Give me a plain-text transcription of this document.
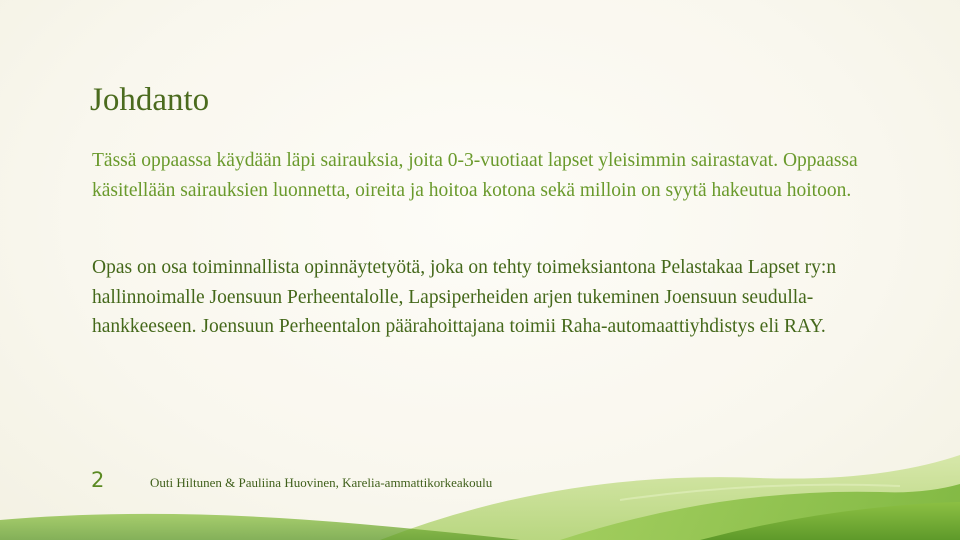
Johdanto

Tässä oppaassa käydään läpi sairauksia, joita 0-3-vuotiaat lapset yleisimmin sairastavat. Oppaassa käsitellään sairauksien luonnetta, oireita ja hoitoa kotona sekä milloin on syytä hakeutua hoitoon.

Opas on osa toiminnallista opinnäytetyötä, joka on tehty toimeksiantona Pelastakaa Lapset ry:n hallinnoimalle Joensuun Perheentalolle, Lapsiperheiden arjen tukeminen Joensuun seudulla- hankkeeseen. Joensuun Perheentalon päärahoittajana toimii Raha-automaattiyhdistys eli RAY.

2	Outi Hiltunen & Pauliina Huovinen, Karelia-ammattikorkeakoulu
